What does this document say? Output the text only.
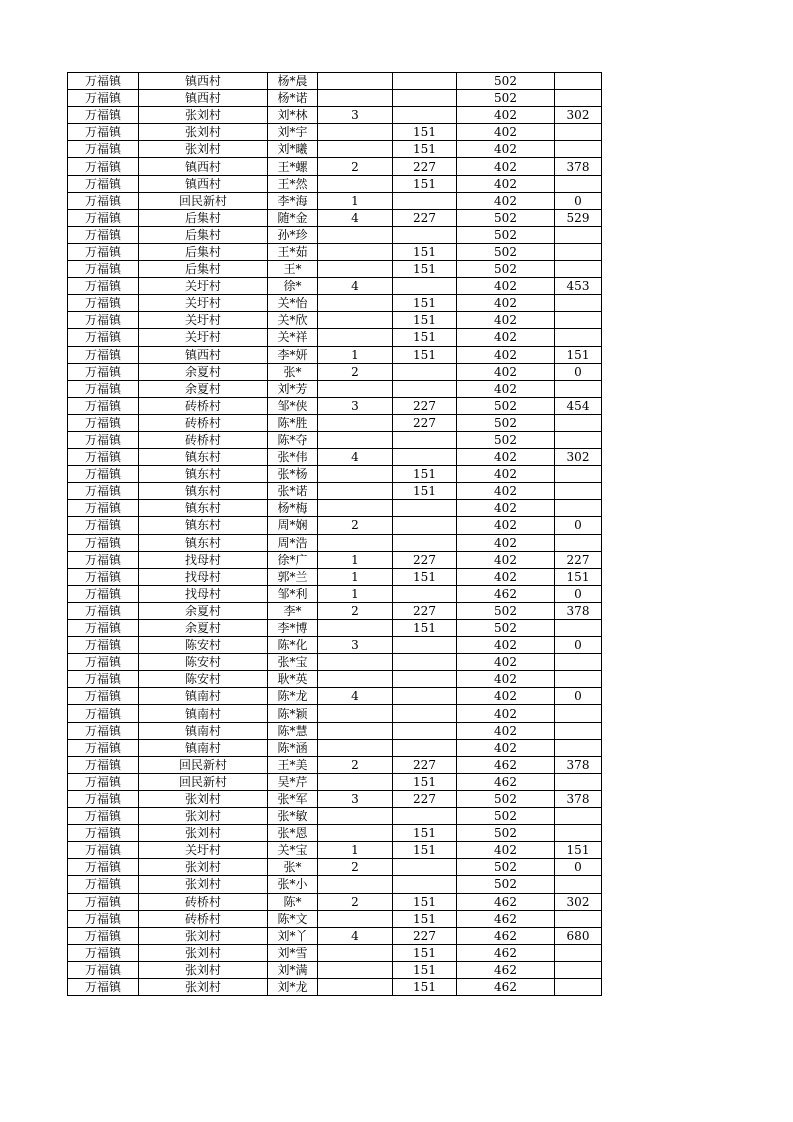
万福镇	镇西村	杨*晨			502	
万福镇	镇西村	杨*诺			502	
万福镇	张刘村	刘*林	3		402	302
万福镇	张刘村	刘*宇		151	402	
万福镇	张刘村	刘*曦		151	402	
万福镇	镇西村	王*螺	2	227	402	378
万福镇	镇西村	王*然		151	402	
万福镇	回民新村	李*海	1		402	0
万福镇	后集村	随*金	4	227	502	529
万福镇	后集村	孙*珍			502	
万福镇	后集村	王*茹		151	502	
万福镇	后集村	王*		151	502	
万福镇	关圩村	徐*	4		402	453
万福镇	关圩村	关*怡		151	402	
万福镇	关圩村	关*欣		151	402	
万福镇	关圩村	关*祥		151	402	
万福镇	镇西村	李*妍	1	151	402	151
万福镇	余夏村	张*	2		402	0
万福镇	余夏村	刘*芳			402	
万福镇	砖桥村	邹*侠	3	227	502	454
万福镇	砖桥村	陈*胜		227	502	
万福镇	砖桥村	陈*夺			502	
万福镇	镇东村	张*伟	4		402	302
万福镇	镇东村	张*杨		151	402	
万福镇	镇东村	张*诺		151	402	
万福镇	镇东村	杨*梅			402	
万福镇	镇东村	周*娴	2		402	0
万福镇	镇东村	周*浩			402	
万福镇	找母村	徐*广	1	227	402	227
万福镇	找母村	郭*兰	1	151	402	151
万福镇	找母村	邹*利	1		462	0
万福镇	余夏村	李*	2	227	502	378
万福镇	余夏村	李*博		151	502	
万福镇	陈安村	陈*化	3		402	0
万福镇	陈安村	张*宝			402	
万福镇	陈安村	耿*英			402	
万福镇	镇南村	陈*龙	4		402	0
万福镇	镇南村	陈*颖			402	
万福镇	镇南村	陈*慧			402	
万福镇	镇南村	陈*涵			402	
万福镇	回民新村	王*美	2	227	462	378
万福镇	回民新村	吴*芹		151	462	
万福镇	张刘村	张*军	3	227	502	378
万福镇	张刘村	张*敏			502	
万福镇	张刘村	张*恩		151	502	
万福镇	关圩村	关*宝	1	151	402	151
万福镇	张刘村	张*	2		502	0
万福镇	张刘村	张*小			502	
万福镇	砖桥村	陈*	2	151	462	302
万福镇	砖桥村	陈*文		151	462	
万福镇	张刘村	刘*丫	4	227	462	680
万福镇	张刘村	刘*雪		151	462	
万福镇	张刘村	刘*满		151	462	
万福镇	张刘村	刘*龙		151	462	
